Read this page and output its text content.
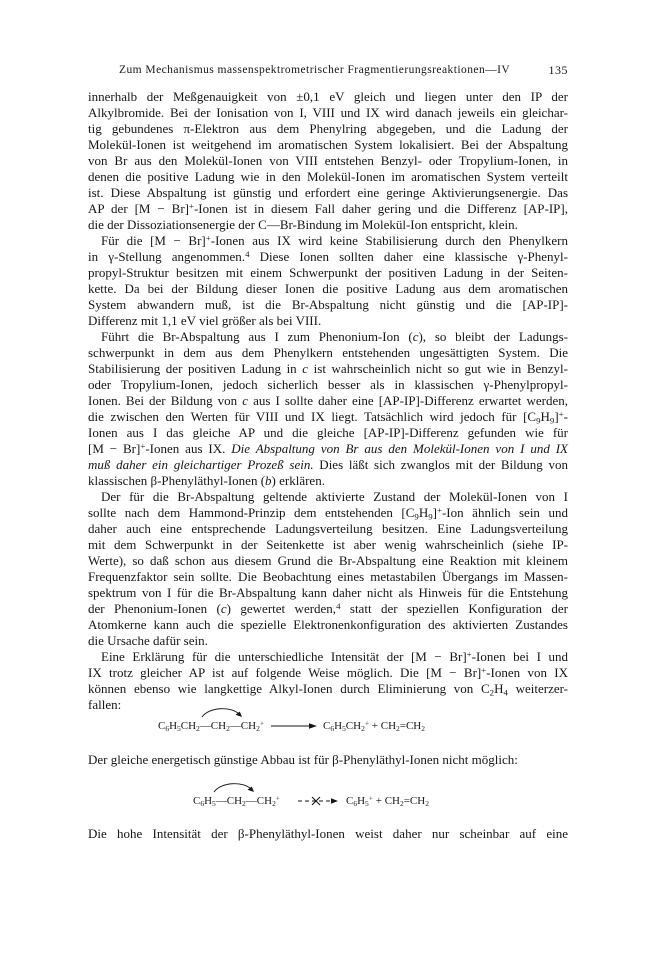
Zum Mechanismus massenspektrometrischer Fragmentierungsreaktionen—IV	135
innerhalb der Meßgenauigkeit von ±0,1 eV gleich und liegen unter den IP der
Alkylbromide. Bei der Ionisation von I, VIII und IX wird danach jeweils ein gleichar-
tig gebundenes π-Elektron aus dem Phenylring abgegeben, und die Ladung der
Molekül-Ionen ist weitgehend im aromatischen System lokalisiert. Bei der Abspaltung
von Br aus den Molekül-Ionen von VIII entstehen Benzyl- oder Tropylium-Ionen, in
denen die positive Ladung wie in den Molekül-Ionen im aromatischen System verteilt
ist. Diese Abspaltung ist günstig und erfordert eine geringe Aktivierungsenergie. Das
AP der [M − Br]+-Ionen ist in diesem Fall daher gering und die Differenz [AP-IP],
die der Dissoziationsenergie der C—Br-Bindung im Molekül-Ion entspricht, klein.
Für die [M − Br]+-Ionen aus IX wird keine Stabilisierung durch den Phenylkern
in γ-Stellung angenommen.$^4$ Diese Ionen sollten daher eine klassische γ-Phenyl-
propyl-Struktur besitzen mit einem Schwerpunkt der positiven Ladung in der Seiten-
kette. Da bei der Bildung dieser Ionen die positive Ladung aus dem aromatischen
System abwandern muß, ist die Br-Abspaltung nicht günstig und die [AP-IP]-
Differenz mit 1,1 eV viel größer als bei VIII.
Führt die Br-Abspaltung aus I zum Phenonium-Ion (c), so bleibt der Ladungs-
schwerpunkt in dem aus dem Phenylkern entstehenden ungesättigten System. Die
Stabilisierung der positiven Ladung in c ist wahrscheinlich nicht so gut wie in Benzyl-
oder Tropylium-Ionen, jedoch sicherlich besser als in klassischen γ-Phenylpropyl-
Ionen. Bei der Bildung von c aus I sollte daher eine [AP-IP]-Differenz erwartet werden,
die zwischen den Werten für VIII und IX liegt. Tatsächlich wird jedoch für $[C_9H_9]^+-$
Ionen aus I das gleiche AP und die gleiche [AP-IP]-Differenz gefunden wie für
[M − Br]+-Ionen aus IX. Die Abspaltung von Br aus den Molekül-Ionen von I und IX
muß daher ein gleichartiger Prozeß sein. Dies läßt sich zwanglos mit der Bildung von
klassischen β-Phenyläthyl-Ionen (b) erklären.
Der für die Br-Abspaltung geltende aktivierte Zustand der Molekül-Ionen von I
sollte nach dem Hammond-Prinzip dem entstehenden $[C_9H_9]^+$-Ion ähnlich sein und
daher auch eine entsprechende Ladungsverteilung besitzen. Eine Ladungsverteilung
mit dem Schwerpunkt in der Seitenkette ist aber wenig wahrscheinlich (siehe IP-
Werte), so daß schon aus diesem Grund die Br-Abspaltung eine Reaktion mit kleinem
Frequenzfaktor sein sollte. Die Beobachtung eines metastabilen Übergangs im Massen-
spektrum von I für die Br-Abspaltung kann daher nicht als Hinweis für die Entstehung
der Phenonium-Ionen (c) gewertet werden,$^4$ statt der speziellen Konfiguration der
Atomkerne kann auch die spezielle Elektronenkonfiguration des aktivierten Zustandes
die Ursache dafür sein.
Eine Erklärung für die unterschiedliche Intensität der [M − Br]+-Ionen bei I und
IX trotz gleicher AP ist auf folgende Weise möglich. Die [M − Br]+-Ionen von IX
können ebenso wie langkettige Alkyl-Ionen durch Eliminierung von $C_2H_4$ weiterzer-
fallen:
$C_6H_5CH_2$
$—CH_2—CH_2^+$	$C_6H_5CH_2^+ + CH_2=CH_2$
Der gleiche energetisch günstige Abbau ist für β-Phenyläthyl-Ionen nicht möglich:
$C_6H_5$
$—CH_2—CH_2^+$	$C_6H_5^+ + CH_2=CH_2$
Die hohe Intensität der β-Phenyläthyl-Ionen weist daher nur scheinbar auf eine
